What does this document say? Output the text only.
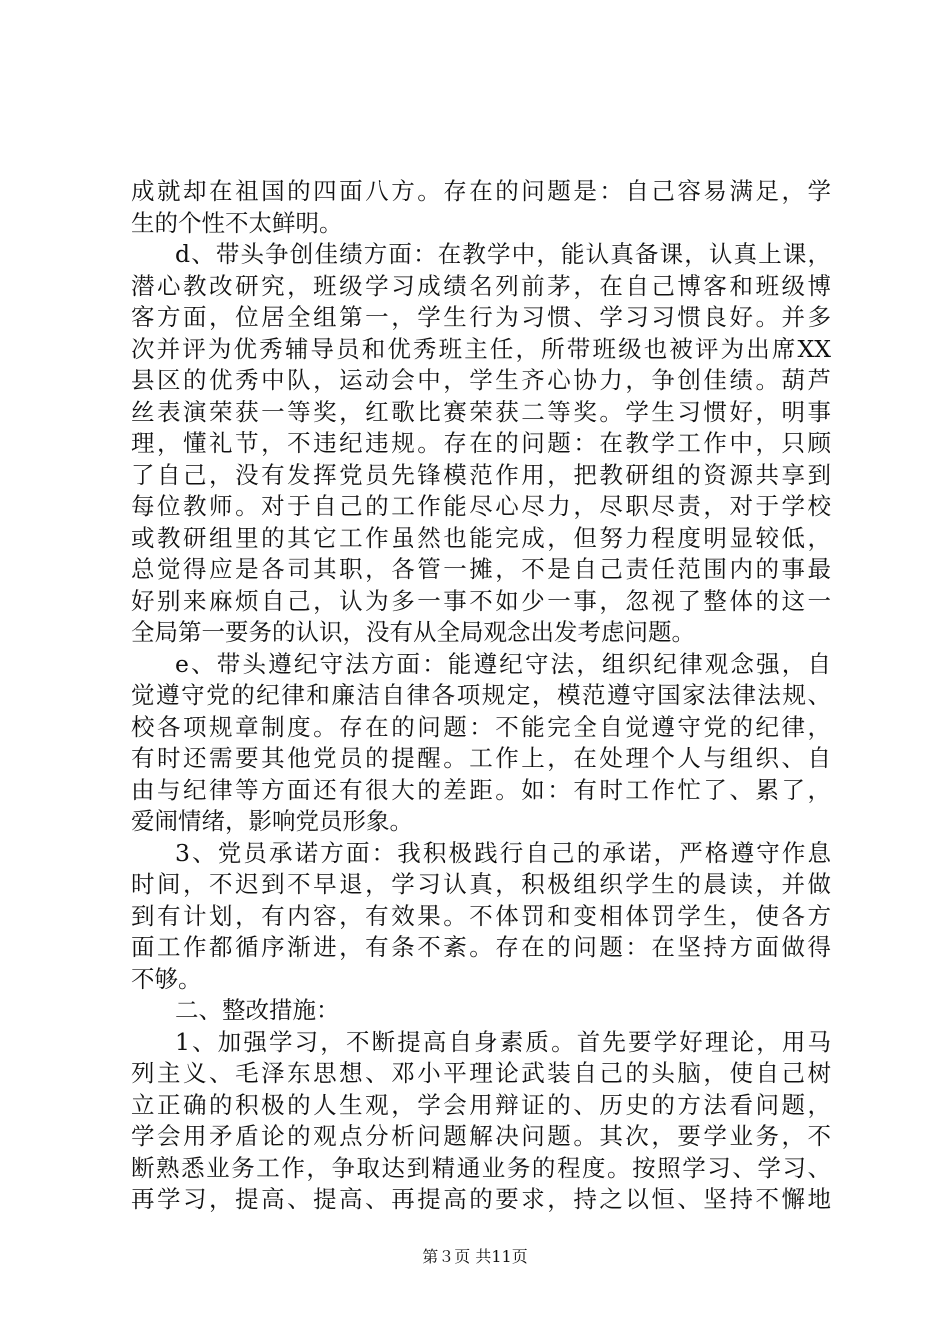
成就却在祖国的四面八方。存在的问题是：自己容易满足，学
生的个性不太鲜明。
d、带头争创佳绩方面：在教学中，能认真备课，认真上课，
潜心教改研究，班级学习成绩名列前茅，在自己博客和班级博
客方面，位居全组第一，学生行为习惯、学习习惯良好。并多
次并评为优秀辅导员和优秀班主任，所带班级也被评为出席XX
县区的优秀中队，运动会中，学生齐心协力，争创佳绩。葫芦
丝表演荣获一等奖，红歌比赛荣获二等奖。学生习惯好，明事
理，懂礼节，不违纪违规。存在的问题：在教学工作中，只顾
了自己，没有发挥党员先锋模范作用，把教研组的资源共享到
每位教师。对于自己的工作能尽心尽力，尽职尽责，对于学校
或教研组里的其它工作虽然也能完成，但努力程度明显较低，
总觉得应是各司其职，各管一摊，不是自己责任范围内的事最
好别来麻烦自己，认为多一事不如少一事，忽视了整体的这一
全局第一要务的认识，没有从全局观念出发考虑问题。
e、带头遵纪守法方面：能遵纪守法，组织纪律观念强，自
觉遵守党的纪律和廉洁自律各项规定，模范遵守国家法律法规、
校各项规章制度。存在的问题：不能完全自觉遵守党的纪律，
有时还需要其他党员的提醒。工作上，在处理个人与组织、自
由与纪律等方面还有很大的差距。如：有时工作忙了、累了，
爱闹情绪，影响党员形象。
3、党员承诺方面：我积极践行自己的承诺，严格遵守作息
时间，不迟到不早退，学习认真，积极组织学生的晨读，并做
到有计划，有内容，有效果。不体罚和变相体罚学生，使各方
面工作都循序渐进，有条不紊。存在的问题：在坚持方面做得
不够。
二、整改措施：
1、加强学习，不断提高自身素质。首先要学好理论，用马
列主义、毛泽东思想、邓小平理论武装自己的头脑，使自己树
立正确的积极的人生观，学会用辩证的、历史的方法看问题，
学会用矛盾论的观点分析问题解决问题。其次，要学业务，不
断熟悉业务工作，争取达到精通业务的程度。按照学习、学习、
再学习，提高、提高、再提高的要求，持之以恒、坚持不懈地
第３页 共11页
